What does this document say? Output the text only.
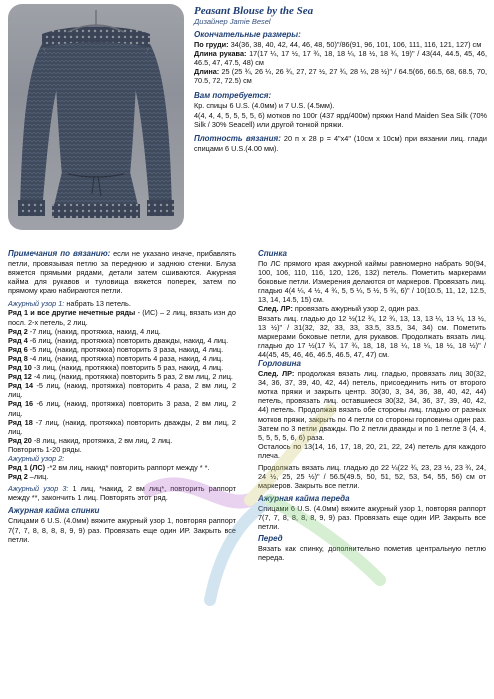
Peasant Blouse by the Sea
Дизайнер Jamie Besel
Окончательные размеры:
По груди: 34(36, 38, 40, 42, 44, 46, 48, 50)"/86(91, 96, 101, 106, 111, 116, 121, 127) см
Длина рукава: 17(17 ¼, 17 ½, 17 ¾, 18, 18 ¼, 18 ½, 18 ¾, 19)" / 43(44, 44.5, 45, 46, 46.5, 47, 47.5, 48) см
Длина: 25 (25 ¾, 26 ¼, 26 ¾, 27, 27 ½, 27 ¾, 28 ¼, 28 ½)" / 64.5(66, 66.5, 68, 68.5, 70, 70.5, 72, 72.5) см
Вам потребуется:
Кр. спицы 6 U.S. (4.0мм) и 7 U.S. (4.5мм).
4(4, 4, 4, 5, 5, 5, 5, 6) мотков по 100г (437 ярд/400м) пряжи Hand Maiden Sea Silk (70% Silk / 30% Seacell) или другой тонкой пряжи.
Плотность вязания: 20 п x 28 р = 4"x4" (10см x 10см) при вязании лиц. глади спицами 6 U.S.(4.00 мм).
Примечания по вязанию: если не указано иначе, прибавлять петли, провязывая петлю за переднюю и заднюю стенки. Блуза вяжется прямыми рядами, детали затем сшиваются. Ажурная кайма для рукавов и туловища вяжется поперек, затем по прямому краю набираются петли.
Ажурный узор 1: набрать 13 петель.
Ряд 1 и все другие нечетные ряды - (ИС) – 2 лиц, вязать изн до посл. 2-х петель, 2 лиц.
Ряд 2 -7 лиц, (накид, протяжка, накид, 4 лиц.
Ряд 4 -6 лиц, (накид, протяжка) повторить дважды, накид, 4 лиц.
Ряд 6 -5 лиц, (накид, протяжка) повторить 3 раза, накид, 4 лиц.
Ряд 8 -4 лиц, (накид, протяжка) повторить 4 раза, накид, 4 лиц.
Ряд 10 -3 лиц, (накид, протяжка) повторить 5 раз, накид, 4 лиц.
Ряд 12 -4 лиц, (накид, протяжка) повторить 5 раз, 2 вм лиц, 2 лиц.
Ряд 14 -5 лиц, (накид, протяжка) повторить 4 раза, 2 вм лиц, 2 лиц.
Ряд 16 -6 лиц, (накид, протяжка) повторить 3 раза, 2 вм лиц, 2 лиц.
Ряд 18 -7 лиц, (накид, протяжка) повторить дважды, 2 вм лиц, 2 лиц.
Ряд 20 -8 лиц, накид, протяжка, 2 вм лиц, 2 лиц.
Повторить 1-20 ряды.
Ажурный узор 2:
Ряд 1 (ЛС) -*2 вм лиц, накид* повторить раппорт между * *.
Ряд 2 –лиц.
Ажурный узор 3: 1 лиц, *накид, 2 вм лиц*, повторить раппорт между **, закончить 1 лиц. Повторять этот ряд.
Ажурная кайма спинки
Спицами 6 U.S. (4.0мм) вяжите ажурный узор 1, повторяя раппорт 7(7, 7, 8, 8, 8, 8, 9, 9) раз. Провязать еще один ИР. Закрыть все петли.
Спинка
По ЛС прямого края ажурной каймы равномерно набрать 90(94, 100, 106, 110, 116, 120, 126, 132) петель. Пометить маркерами боковые петли. Измерения делаются от маркеров. Провязать лиц. гладью 4(4 ¼, 4 ½, 4 ¾, 5, 5 ¼, 5 ½, 5 ¾, 6)" / 10(10.5, 11, 12, 12.5, 13, 14, 14.5, 15) см.
След. ЛР: провязать ажурный узор 2, один раз.
Вязать лиц. гладью до 12 ½(12 ¾, 12 ¾, 13, 13, 13 ¼, 13 ¼, 13 ½, 13 ½)" / 31(32, 32, 33, 33, 33.5, 33.5, 34, 34) см. Пометить маркерами боковые петли, для рукавов. Продолжать вязать лиц. гладью до 17 ½(17 ¾, 17 ¾, 18, 18, 18 ¼, 18 ¼, 18 ½, 18 ½)" / 44(45, 45, 46, 46, 46.5, 46.5, 47, 47) см.
Горловина
След. ЛР: продолжая вязать лиц. гладью, провязать лиц 30(32, 34, 36, 37, 39, 40, 42, 44) петель, присоединить нить от второго мотка пряжи и закрыть центр. 30(30, 3, 34, 36, 38, 40, 42, 44) петель, провязать лиц. оставшиеся 30(32, 34, 36, 37, 39, 40, 42, 44) петель. Продолжая вязать обе стороны лиц. гладью от разных мотков пряжи, закрыть по 4 петли со стороны горловины один раз. Затем по 3 петли дважды. По 2 петли дважды и по 1 петле 3 (4, 4, 5, 5, 5, 5, 6, 6) раза.
Осталось по 13(14, 16, 17, 18, 20, 21, 22, 24) петель для каждого плеча.
Продолжать вязать лиц. гладью до 22 ¼(22 ¾, 23, 23 ½, 23 ¾, 24, 24 ½, 25, 25 ½)" / 56.5(49.5, 50, 51, 52, 53, 54, 55, 56) см от маркеров. Закрыть все петли.
Ажурная кайма переда
Спицами 6 U.S. (4.0мм) вяжите ажурный узор 1, повторяя раппорт 7(7, 7, 8, 8, 8, 8, 9, 9) раз. Провязать еще один ИР. Закрыть все петли.
Перед
Вязать как спинку, дополнительно пометив центральную петлю переда.
